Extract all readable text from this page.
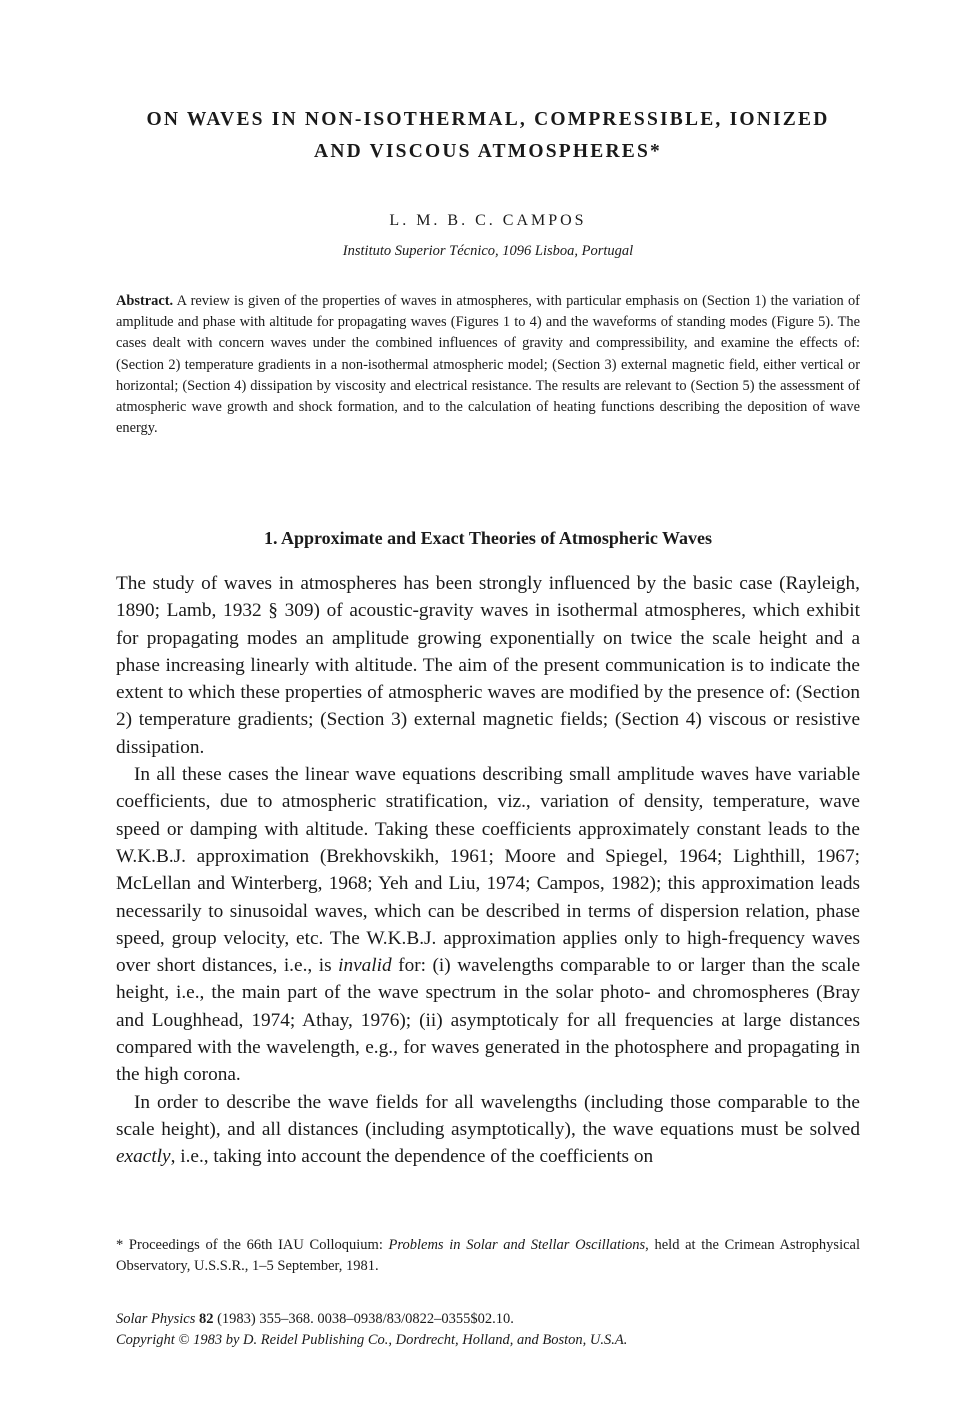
ON WAVES IN NON-ISOTHERMAL, COMPRESSIBLE, IONIZED
AND VISCOUS ATMOSPHERES*

L. M. B. C. CAMPOS

Instituto Superior Técnico, 1096 Lisboa, Portugal

Abstract. A review is given of the properties of waves in atmospheres, with particular emphasis on (Section 1) the variation of amplitude and phase with altitude for propagating waves (Figures 1 to 4) and the waveforms of standing modes (Figure 5). The cases dealt with concern waves under the combined influences of gravity and compressibility, and examine the effects of: (Section 2) temperature gradients in a non-isothermal atmospheric model; (Section 3) external magnetic field, either vertical or horizontal; (Section 4) dissipation by viscosity and electrical resistance. The results are relevant to (Section 5) the assessment of atmospheric wave growth and shock formation, and to the calculation of heating functions describing the deposition of wave energy.

1. Approximate and Exact Theories of Atmospheric Waves

The study of waves in atmospheres has been strongly influenced by the basic case (Rayleigh, 1890; Lamb, 1932 § 309) of acoustic-gravity waves in isothermal atmospheres, which exhibit for propagating modes an amplitude growing exponentially on twice the scale height and a phase increasing linearly with altitude. The aim of the present communication is to indicate the extent to which these properties of atmospheric waves are modified by the presence of: (Section 2) temperature gradients; (Section 3) external magnetic fields; (Section 4) viscous or resistive dissipation.

In all these cases the linear wave equations describing small amplitude waves have variable coefficients, due to atmospheric stratification, viz., variation of density, temperature, wave speed or damping with altitude. Taking these coefficients approximately constant leads to the W.K.B.J. approximation (Brekhovskikh, 1961; Moore and Spiegel, 1964; Lighthill, 1967; McLellan and Winterberg, 1968; Yeh and Liu, 1974; Campos, 1982); this approximation leads necessarily to sinusoidal waves, which can be described in terms of dispersion relation, phase speed, group velocity, etc. The W.K.B.J. approximation applies only to high-frequency waves over short distances, i.e., is invalid for: (i) wavelengths comparable to or larger than the scale height, i.e., the main part of the wave spectrum in the solar photo- and chromospheres (Bray and Loughhead, 1974; Athay, 1976); (ii) asymptoticaly for all frequencies at large distances compared with the wavelength, e.g., for waves generated in the photosphere and propagating in the high corona.

In order to describe the wave fields for all wavelengths (including those comparable to the scale height), and all distances (including asymptotically), the wave equations must be solved exactly, i.e., taking into account the dependence of the coefficients on

* Proceedings of the 66th IAU Colloquium: Problems in Solar and Stellar Oscillations, held at the Crimean Astrophysical Observatory, U.S.S.R., 1–5 September, 1981.

Solar Physics 82 (1983) 355–368. 0038–0938/83/0822–0355$02.10.
Copyright © 1983 by D. Reidel Publishing Co., Dordrecht, Holland, and Boston, U.S.A.
